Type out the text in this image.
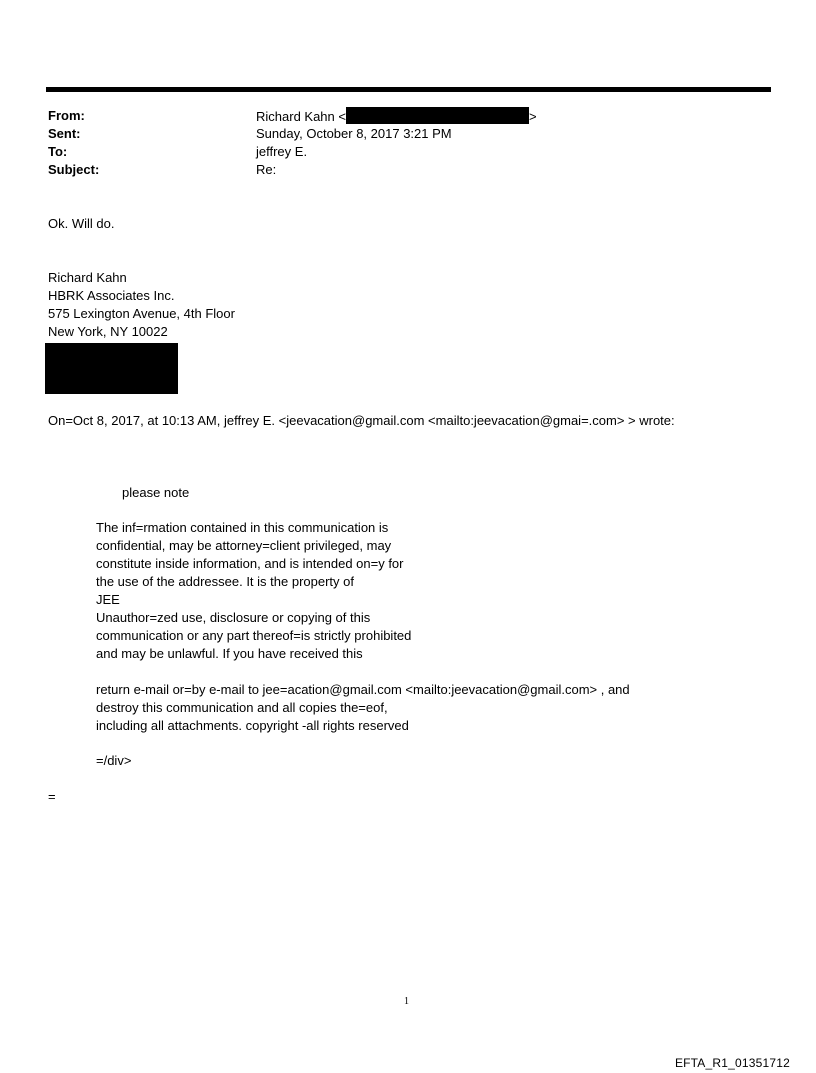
From:	Richard Kahn <	>
Sent:	Sunday, October 8, 2017 3:21 PM
To:	jeffrey E.
Subject:	Re:
Ok. Will do.
Richard Kahn
HBRK Associates Inc.
575 Lexington Avenue, 4th Floor
New York, NY 10022
On=Oct 8, 2017, at 10:13 AM, jeffrey E. <jeevacation@gmail.com <mailto:jeevacation@gmai=.com> > wrote:
please note
The inf=rmation contained in this communication is
confidential, may be attorney=client privileged, may
constitute inside information, and is intended on=y for
the use of the addressee. It is the property of
JEE
Unauthor=zed use, disclosure or copying of this
communication or any part thereof=is strictly prohibited
and may be unlawful. If you have received this
return e-mail or=by e-mail to jee=acation@gmail.com <mailto:jeevacation@gmail.com> , and
destroy this communication and all copies the=eof,
including all attachments. copyright -all rights reserved
=/div>
=
1
EFTA_R1_01351712
